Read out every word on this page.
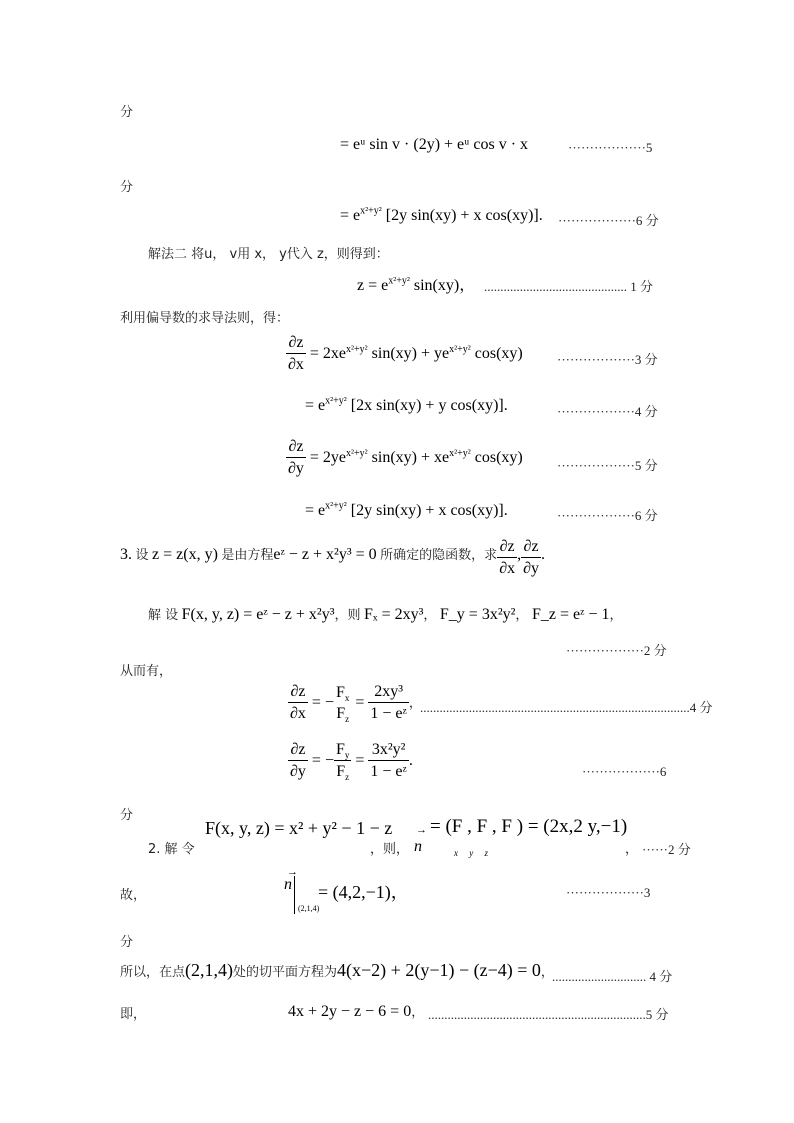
分
= eᵘ sin v · (2y) + eᵘ cos v · x	··················5
分
= $e^{x^2+y^2}$ [2y sin(xy) + x cos(xy)]. ··················6 分
解法二 将u， v用 x， y代入 z，则得到：
$z = e^{x^2+y^2}$ sin(xy)， ............................................ 1 分
利用偏导数的求导法则，得：
$\frac{\partial z}{\partial x} = 2xe^{x^2+y^2}$ $\sin(xy) + ye^{x^2+y^2}$ cos(xy)	··················3 分
= $e^{x^2+y^2}$ [2x sin(xy) + y cos(xy)].	··················4 分
$\frac{\partial z}{\partial y} = 2ye^{x^2+y^2}$ $\sin(xy) + xe^{x^2+y^2}$ cos(xy)	··················5 分
= $e^{x^2+y^2}$ [2y sin(xy) + x cos(xy)].	··················6 分
3. 设 z = z(x, y) 是由方程eᶻ − z + x²y³ = 0 所确定的隐函数，求 $\frac{\partial z}{\partial x}$ , $\frac{\partial z}{\partial y}$ .
解 设 F(x, y, z) = eᶻ − z + x²y³，则 Fₓ = 2xy³， F_y = 3x²y²， F_z = eᶻ − 1，
··················2 分
从而有，
$\frac{\partial z}{\partial x}$ = −
$F_x$
$F_z$
= $\frac{\text{2xy³}}{\text{1 − eᶻ}}$ ，
...................................................................................4 分
$\frac{\partial z}{\partial y}$ = − $\frac{F_y}{F_z} = \frac{\text{3x²y²}}{\text{1 − eᶻ}}$ .
··················6
分
2. 解 令
F(x, y, z) = x² + y² − 1 − z
，则，
→
n
= (F , F , F ) = (2x,2 y,−1)
x     y     z	， ······2 分
故，
→
n
(2,1,4)
= (4,2,−1)，	··················3
分
所以，在点(2,1,4)处的切平面方程为4(x−2) + 2(y−1) − (z−4) = 0，
............................. 4 分
即，	4x + 2y − z − 6 = 0， ...................................................................5 分
